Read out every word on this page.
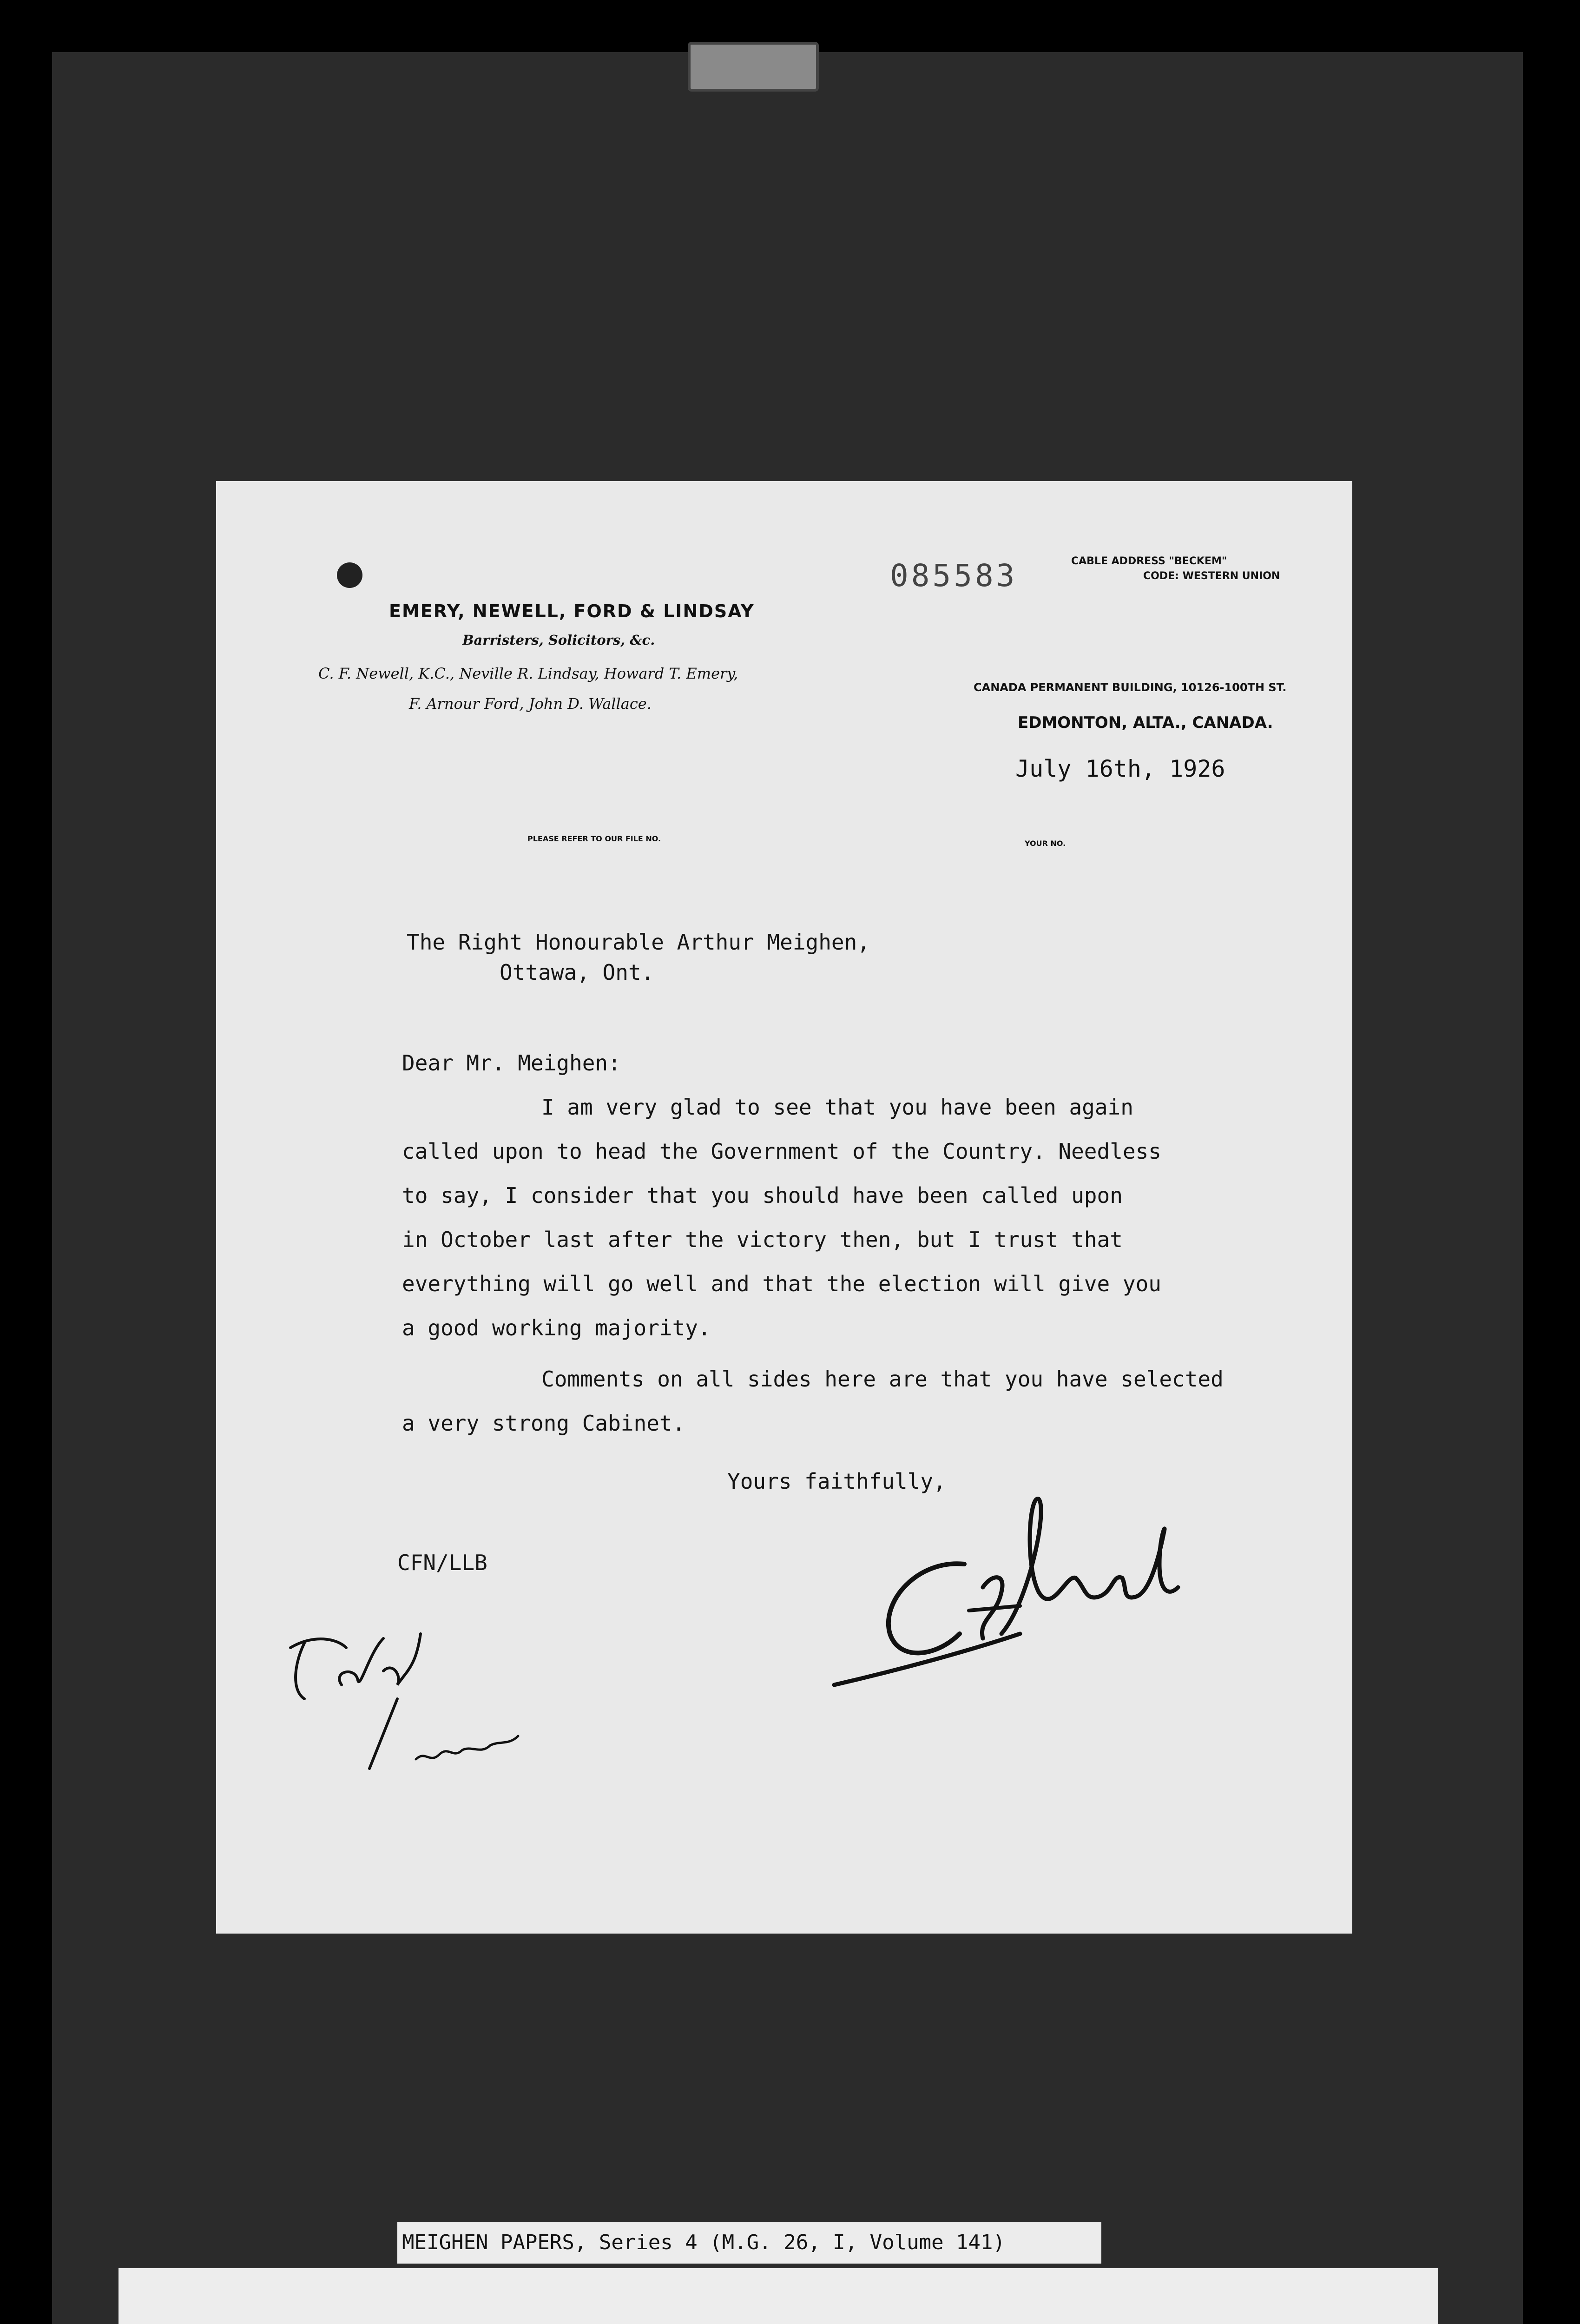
EMERY, NEWELL, FORD & LINDSAY
Barristers, Solicitors, &c.
C. F. Newell, K.C., Neville R. Lindsay, Howard T. Emery,
F. Arnour Ford, John D. Wallace.
085583	CABLE ADDRESS "BECKEM"
CODE: WESTERN UNION
CANADA PERMANENT BUILDING, 10126-100TH ST.
EDMONTON, ALTA., CANADA.
July 16th, 1926
PLEASE REFER TO OUR FILE NO.
YOUR NO.
The Right Honourable Arthur Meighen,
Ottawa, Ont.
Dear Mr. Meighen:
I am very glad to see that you have been again
called upon to head the Government of the Country. Needless
to say, I consider that you should have been called upon
in October last after the victory then, but I trust that
everything will go well and that the election will give you
a good working majority.
Comments on all sides here are that you have selected
a very strong Cabinet.
Yours faithfully,
CFN/LLB
MEIGHEN PAPERS, Series 4 (M.G. 26, I, Volume 141)
